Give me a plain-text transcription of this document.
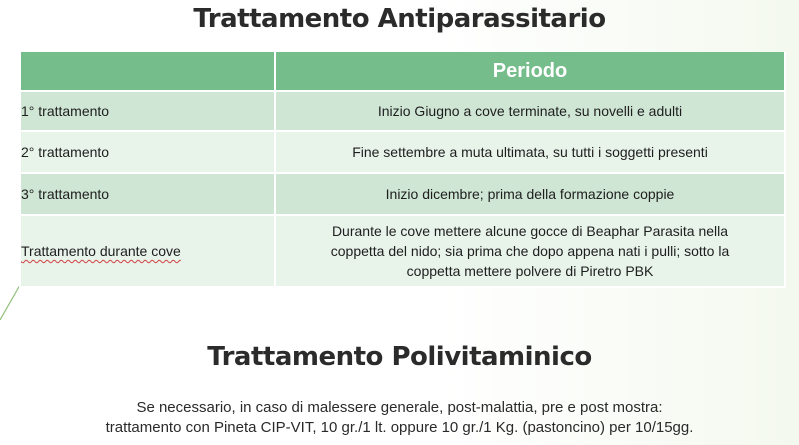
Trattamento Antiparassitario
	Periodo
1° trattamento	Inizio Giugno a cove terminate, su novelli e adulti
2° trattamento	Fine settembre a muta ultimata, su tutti i soggetti presenti
3° trattamento	Inizio dicembre; prima della formazione coppie
Trattamento durante cove	Durante le cove mettere alcune gocce di Beaphar Parasita nella
coppetta del nido; sia prima che dopo appena nati i pulli; sotto la
coppetta mettere polvere di Piretro PBK
Trattamento Polivitaminico
Se necessario, in caso di malessere generale, post-malattia, pre e post mostra:
trattamento con Pineta CIP-VIT, 10 gr./1 lt. oppure 10 gr./1 Kg. (pastoncino) per 10/15gg.
